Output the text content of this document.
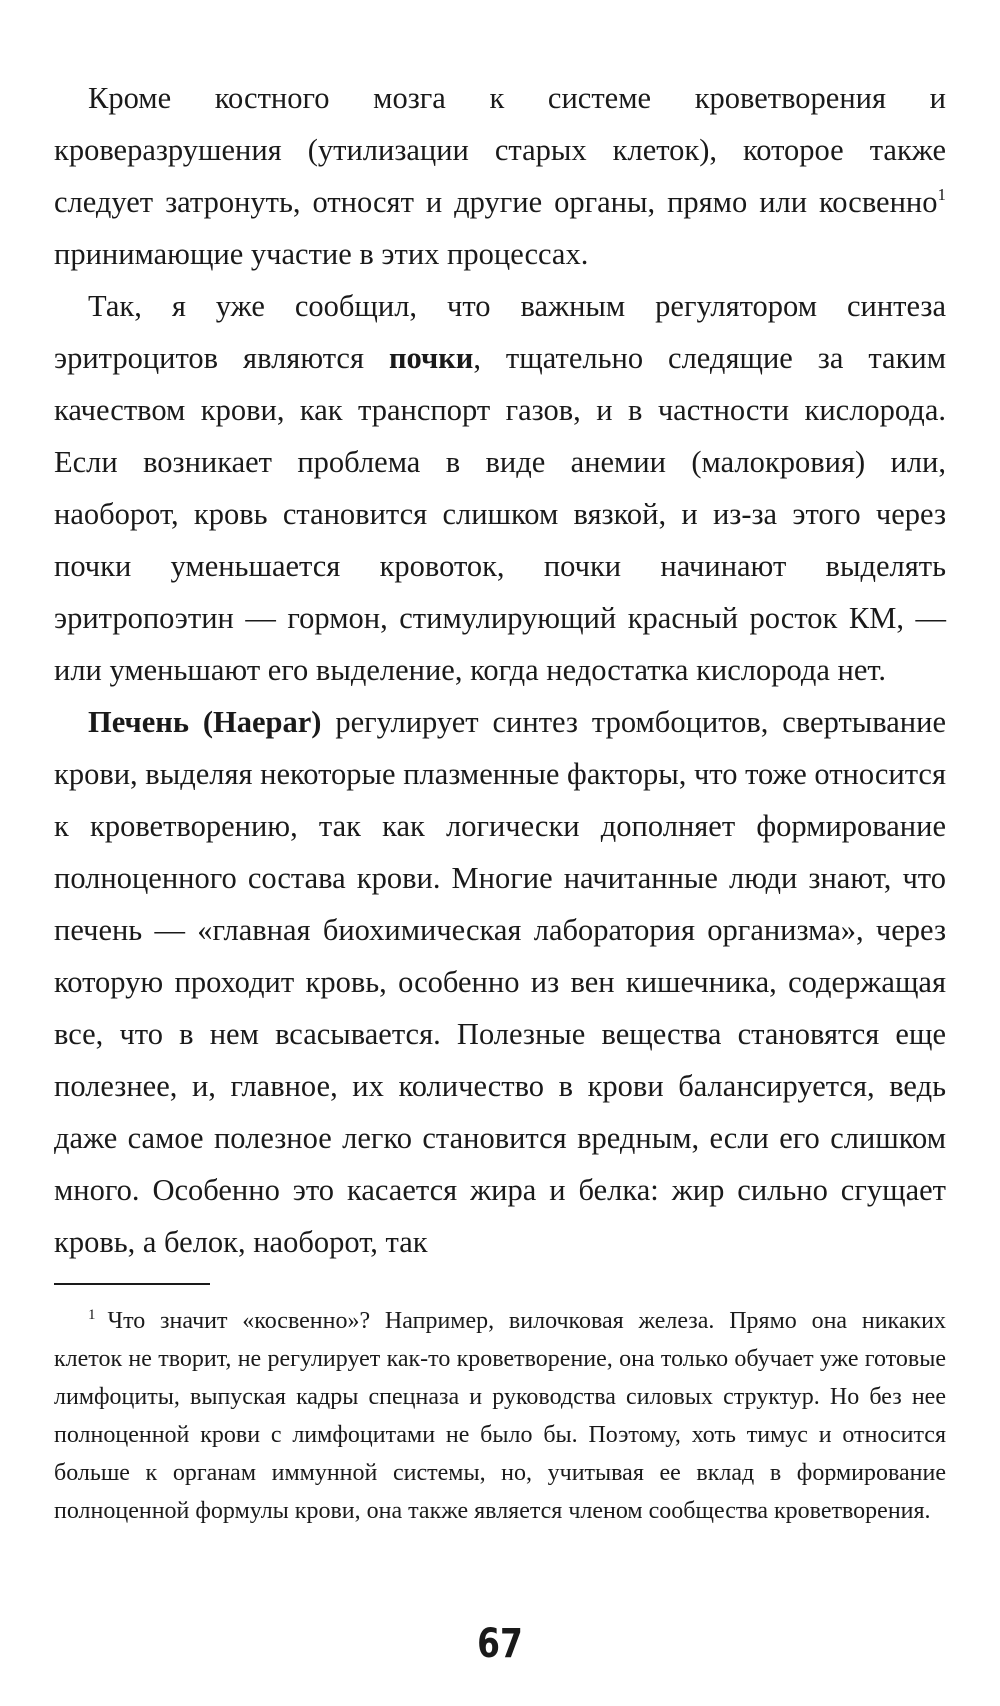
Кроме костного мозга к системе кроветворения и кроверазрушения (утилизации старых клеток), которое также следует затронуть, относят и другие органы, прямо или косвенно$^1$ принимающие участие в этих процессах.

Так, я уже сообщил, что важным регулятором синтеза эритроцитов являются почки, тщательно следящие за таким качеством крови, как транспорт газов, и в частности кислорода. Если возникает проблема в виде анемии (малокровия) или, наоборот, кровь становится слишком вязкой, и из-за этого через почки уменьшается кровоток, почки начинают выделять эритропоэтин — гормон, стимулирующий красный росток КМ, — или уменьшают его выделение, когда недостатка кислорода нет.

Печень (Haepar) регулирует синтез тромбоцитов, свертывание крови, выделяя некоторые плазменные факторы, что тоже относится к кроветворению, так как логически дополняет формирование полноценного состава крови. Многие начитанные люди знают, что печень — «главная биохимическая лаборатория организма», через которую проходит кровь, особенно из вен кишечника, содержащая все, что в нем всасывается. Полезные вещества становятся еще полезнее, и, главное, их количество в крови балансируется, ведь даже самое полезное легко становится вредным, если его слишком много. Особенно это касается жира и белка: жир сильно сгущает кровь, а белок, наоборот, так

$^1$ Что значит «косвенно»? Например, вилочковая железа. Прямо она никаких клеток не творит, не регулирует как-то кроветворение, она только обучает уже готовые лимфоциты, выпуская кадры спецназа и руководства силовых структур. Но без нее полноценной крови с лимфоцитами не было бы. Поэтому, хоть тимус и относится больше к органам иммунной системы, но, учитывая ее вклад в формирование полноценной формулы крови, она также является членом сообщества кроветворения.

67
